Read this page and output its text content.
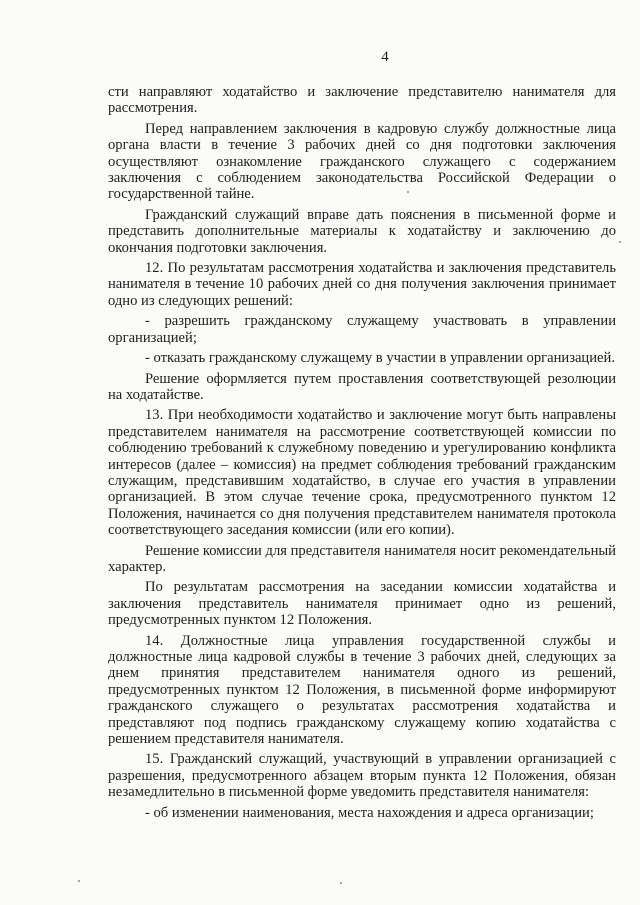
4

сти направляют ходатайство и заключение представителю нанимателя для рассмотрения.

Перед направлением заключения в кадровую службу должностные лица органа власти в течение 3 рабочих дней со дня подготовки заключения осуществляют ознакомление гражданского служащего с содержанием заключения с соблюдением законодательства Российской Федерации о государственной тайне.

Гражданский служащий вправе дать пояснения в письменной форме и представить дополнительные материалы к ходатайству и заключению до окончания подготовки заключения.

12. По результатам рассмотрения ходатайства и заключения представитель нанимателя в течение 10 рабочих дней со дня получения заключения принимает одно из следующих решений:

- разрешить гражданскому служащему участвовать в управлении организацией;

- отказать гражданскому служащему в участии в управлении организацией.

Решение оформляется путем проставления соответствующей резолюции на ходатайстве.

13. При необходимости ходатайство и заключение могут быть направлены представителем нанимателя на рассмотрение соответствующей комиссии по соблюдению требований к служебному поведению и урегулированию конфликта интересов (далее – комиссия) на предмет соблюдения требований гражданским служащим, представившим ходатайство, в случае его участия в управлении организацией. В этом случае течение срока, предусмотренного пунктом 12 Положения, начинается со дня получения представителем нанимателя протокола соответствующего заседания комиссии (или его копии).

Решение комиссии для представителя нанимателя носит рекомендательный характер.

По результатам рассмотрения на заседании комиссии ходатайства и заключения представитель нанимателя принимает одно из решений, предусмотренных пунктом 12 Положения.

14. Должностные лица управления государственной службы и должностные лица кадровой службы в течение 3 рабочих дней, следующих за днем принятия представителем нанимателя одного из решений, предусмотренных пунктом 12 Положения, в письменной форме информируют гражданского служащего о результатах рассмотрения ходатайства и представляют под подпись гражданскому служащему копию ходатайства с решением представителя нанимателя.

15. Гражданский служащий, участвующий в управлении организацией с разрешения, предусмотренного абзацем вторым пункта 12 Положения, обязан незамедлительно в письменной форме уведомить представителя нанимателя:

- об изменении наименования, места нахождения и адреса организации;
